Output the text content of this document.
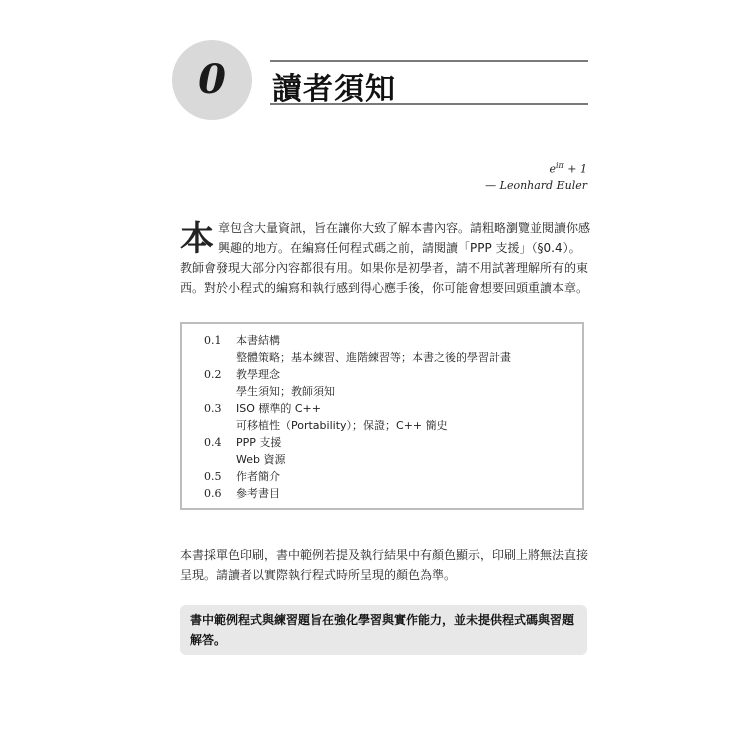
0	讀者須知
$e^{i\pi} + 1$
— Leonhard Euler
本章包含大量資訊，旨在讓你大致了解本書內容。請粗略瀏覽並閱讀你感興趣的地方。在編寫任何程式碼之前，請閱讀「PPP 支援」（§0.4）。教師會發現大部分內容都很有用。如果你是初學者，請不用試著理解所有的東西。對於小程式的編寫和執行感到得心應手後，你可能會想要回頭重讀本章。
0.1	本書結構
整體策略；基本練習、進階練習等；本書之後的學習計畫
0.2	教學理念
學生須知；教師須知
0.3	ISO 標準的 C++
可移植性（Portability）；保證；C++ 簡史
0.4	PPP 支援
Web 資源
0.5	作者簡介
0.6	參考書目
本書採單色印刷，書中範例若提及執行結果中有顏色顯示，印刷上將無法直接呈現。請讀者以實際執行程式時所呈現的顏色為準。
書中範例程式與練習題旨在強化學習與實作能力，並未提供程式碼與習題解答。
